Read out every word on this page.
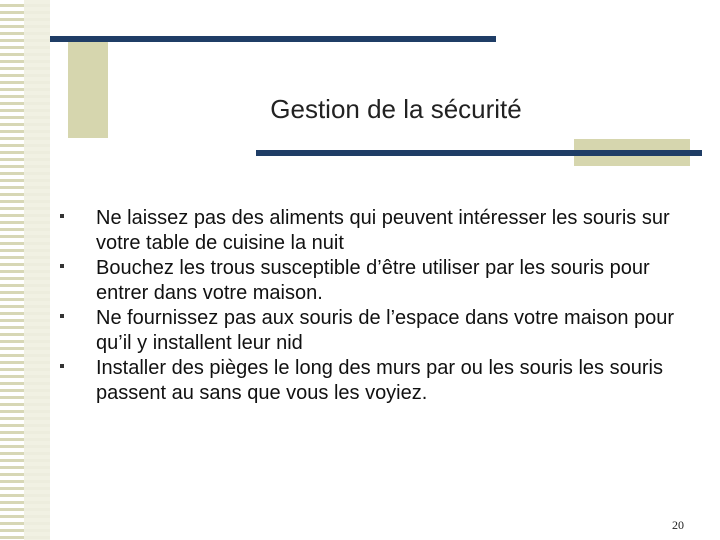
Gestion de la sécurité
Ne laissez pas des aliments qui peuvent intéresser les souris sur votre table de cuisine la nuit
Bouchez les trous susceptible d’être utiliser par les souris pour entrer dans votre maison.
Ne fournissez pas aux souris de l’espace dans votre maison pour qu’il y installent leur nid
Installer des pièges le long des murs par ou les souris les souris passent au sans que vous les voyiez.
20
